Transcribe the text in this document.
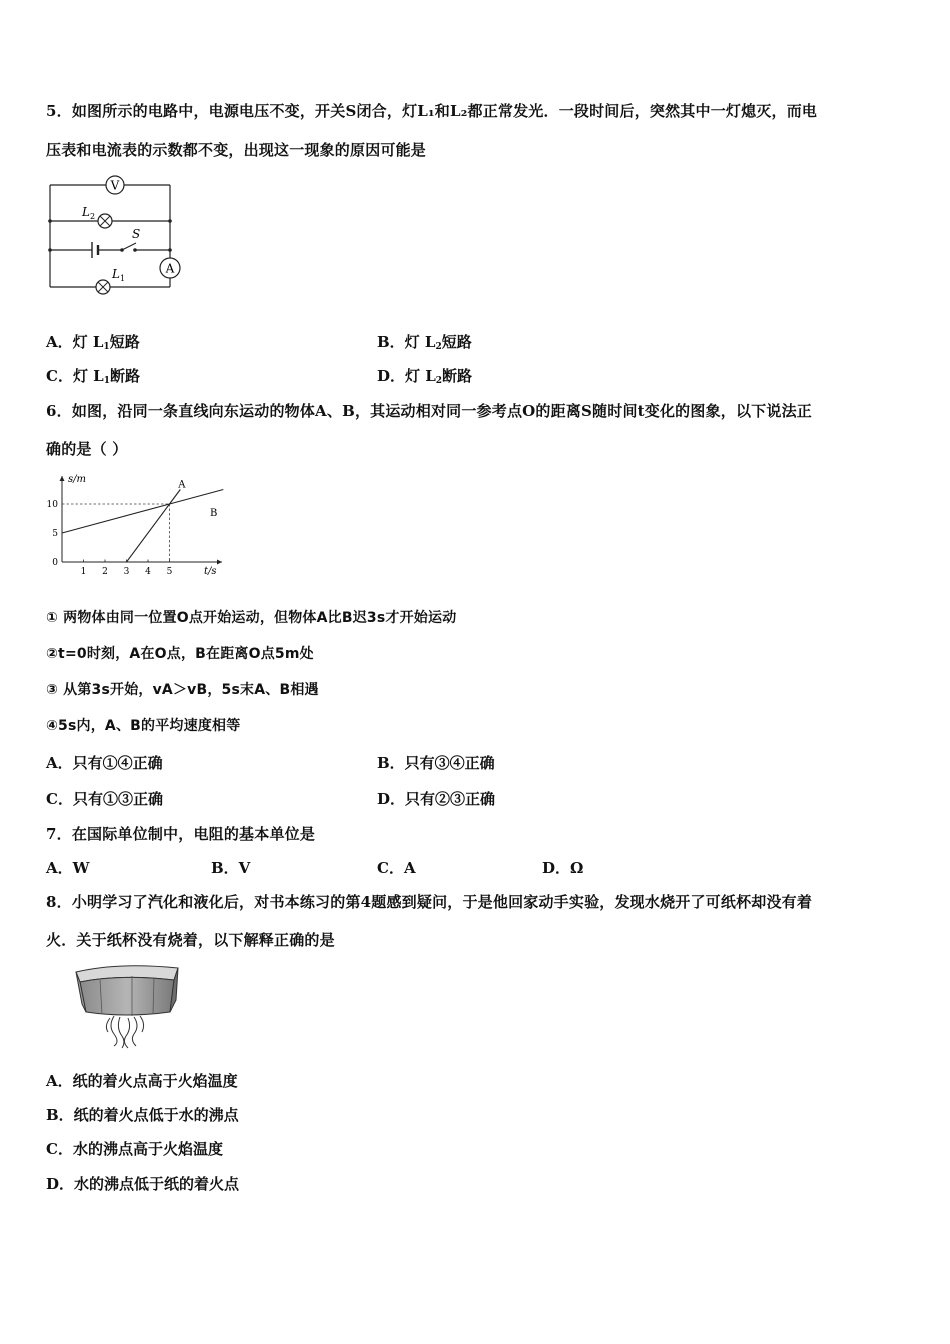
5．如图所示的电路中，电源电压不变，开关S闭合，灯L₁和L₂都正常发光．一段时间后，突然其中一灯熄灭，而电
压表和电流表的示数都不变，出现这一现象的原因可能是
V
L 2
S
A
L 1
A．灯 $L_1$短路	B．灯 $L_2$短路
C．灯 $L_1$断路	D．灯 $L_2$断路
6．如图，沿同一条直线向东运动的物体A、B，其运动相对同一参考点O的距离S随时间t变化的图象，以下说法正
确的是（ ）
s/m
t/s
1 2 3 4 5
0
5
10
A
B
① 两物体由同一位置O点开始运动，但物体A比B迟3s才开始运动
②t=0时刻，A在O点，B在距离O点5m处
③ 从第3s开始，vA＞vB，5s末A、B相遇
④5s内，A、B的平均速度相等
A．只有①④正确	B．只有③④正确
C．只有①③正确	D．只有②③正确
7．在国际单位制中，电阻的基本单位是
A．W	B．V	C．A	D．Ω
8．小明学习了汽化和液化后，对书本练习的第4题感到疑问，于是他回家动手实验，发现水烧开了可纸杯却没有着
火．关于纸杯没有烧着，以下解释正确的是
A．纸的着火点高于火焰温度
B．纸的着火点低于水的沸点
C．水的沸点高于火焰温度
D．水的沸点低于纸的着火点
